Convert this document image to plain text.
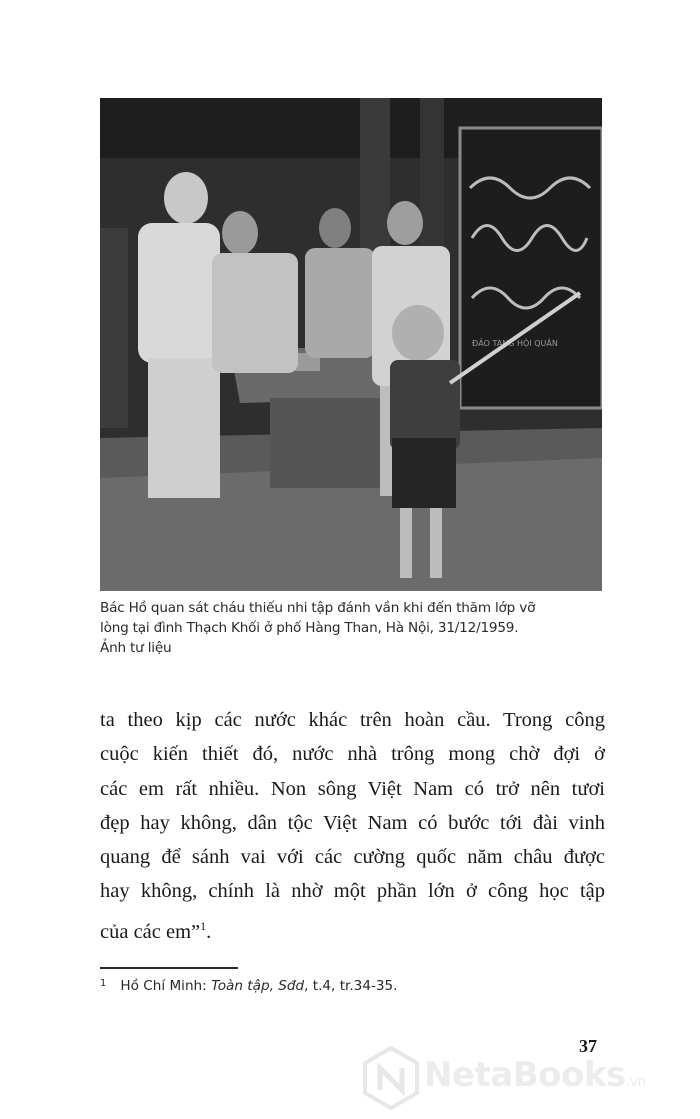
ĐẢO TANG HỘI QUÂN
Bác Hồ quan sát cháu thiếu nhi tập đánh vần khi đến thăm lớp vỡ
lòng tại đình Thạch Khối ở phố Hàng Than, Hà Nội, 31/12/1959.
Ảnh tư liệu
ta theo kịp các nước khác trên hoàn cầu. Trong công
cuộc kiến thiết đó, nước nhà trông mong chờ đợi ở
các em rất nhiều. Non sông Việt Nam có trở nên tươi
đẹp hay không, dân tộc Việt Nam có bước tới đài vinh
quang để sánh vai với các cường quốc năm châu được
hay không, chính là nhờ một phần lớn ở công học tập
của các em”$^1$.
$^1$ Hồ Chí Minh: Toàn tập, Sđd, t.4, tr.34-35.
37
NetaBooks.vn
